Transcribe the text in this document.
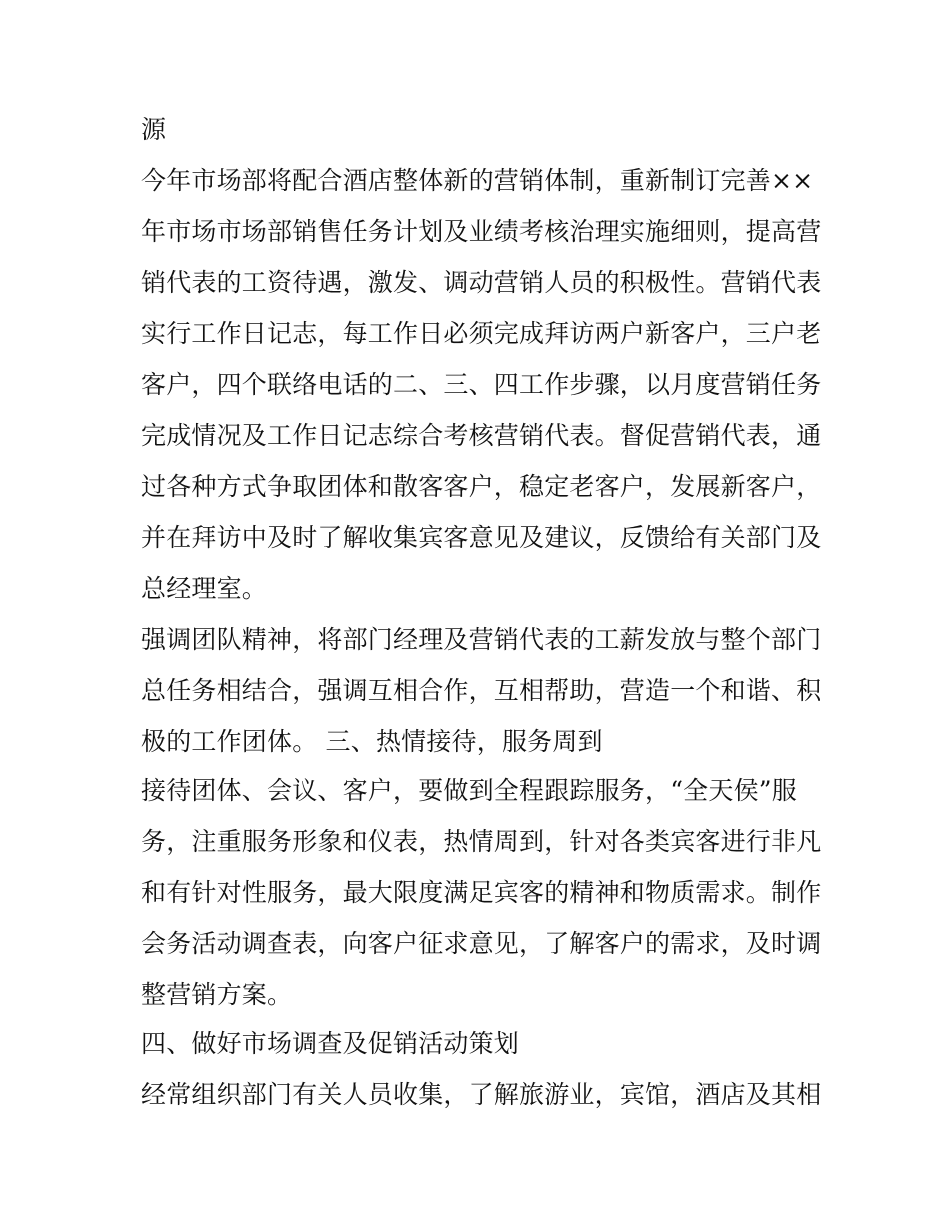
源
今年市场部将配合酒店整体新的营销体制，重新制订完善××
年市场市场部销售任务计划及业绩考核治理实施细则，提高营
销代表的工资待遇，激发、调动营销人员的积极性。营销代表
实行工作日记志，每工作日必须完成拜访两户新客户，三户老
客户，四个联络电话的二、三、四工作步骤，以月度营销任务
完成情况及工作日记志综合考核营销代表。督促营销代表，通
过各种方式争取团体和散客客户，稳定老客户，发展新客户，
并在拜访中及时了解收集宾客意见及建议，反馈给有关部门及
总经理室。
强调团队精神，将部门经理及营销代表的工薪发放与整个部门
总任务相结合，强调互相合作，互相帮助，营造一个和谐、积
极的工作团体。 三、热情接待，服务周到
接待团体、会议、客户，要做到全程跟踪服务，“全天侯”服
务，注重服务形象和仪表，热情周到，针对各类宾客进行非凡
和有针对性服务，最大限度满足宾客的精神和物质需求。制作
会务活动调查表，向客户征求意见，了解客户的需求，及时调
整营销方案。
四、做好市场调查及促销活动策划
经常组织部门有关人员收集，了解旅游业，宾馆，酒店及其相
